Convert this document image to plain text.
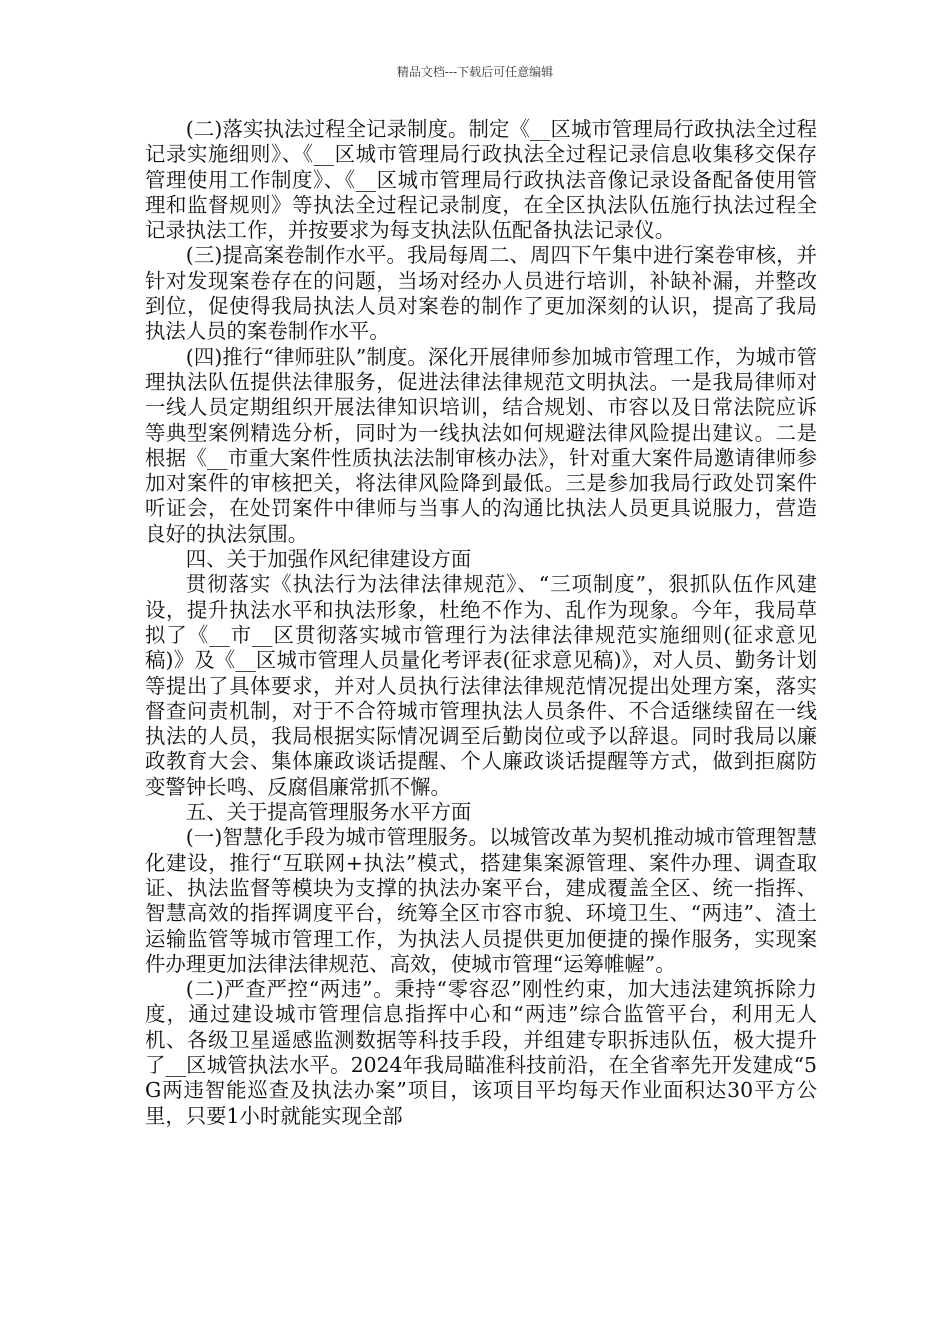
精品文档---下载后可任意编辑

(二)落实执法过程全记录制度。制定《__区城市管理局行政执法全过程记录实施细则》、《__区城市管理局行政执法全过程记录信息收集移交保存管理使用工作制度》、《__区城市管理局行政执法音像记录设备配备使用管理和监督规则》等执法全过程记录制度，在全区执法队伍施行执法过程全记录执法工作，并按要求为每支执法队伍配备执法记录仪。

(三)提高案卷制作水平。我局每周二、周四下午集中进行案卷审核，并针对发现案卷存在的问题，当场对经办人员进行培训，补缺补漏，并整改到位，促使得我局执法人员对案卷的制作了更加深刻的认识，提高了我局执法人员的案卷制作水平。

(四)推行“律师驻队”制度。深化开展律师参加城市管理工作，为城市管理执法队伍提供法律服务，促进法律法律规范文明执法。一是我局律师对一线人员定期组织开展法律知识培训，结合规划、市容以及日常法院应诉等典型案例精选分析，同时为一线执法如何规避法律风险提出建议。二是根据《__市重大案件性质执法法制审核办法》，针对重大案件局邀请律师参加对案件的审核把关，将法律风险降到最低。三是参加我局行政处罚案件听证会，在处罚案件中律师与当事人的沟通比执法人员更具说服力，营造良好的执法氛围。

四、关于加强作风纪律建设方面

贯彻落实《执法行为法律法律规范》、“三项制度”，狠抓队伍作风建设，提升执法水平和执法形象，杜绝不作为、乱作为现象。今年，我局草拟了《__市__区贯彻落实城市管理行为法律法律规范实施细则(征求意见稿)》及《__区城市管理人员量化考评表(征求意见稿)》，对人员、勤务计划等提出了具体要求，并对人员执行法律法律规范情况提出处理方案，落实督查问责机制，对于不合符城市管理执法人员条件、不合适继续留在一线执法的人员，我局根据实际情况调至后勤岗位或予以辞退。同时我局以廉政教育大会、集体廉政谈话提醒、个人廉政谈话提醒等方式，做到拒腐防变警钟长鸣、反腐倡廉常抓不懈。

五、关于提高管理服务水平方面

(一)智慧化手段为城市管理服务。以城管改革为契机推动城市管理智慧化建设，推行“互联网+执法”模式，搭建集案源管理、案件办理、调查取证、执法监督等模块为支撑的执法办案平台，建成覆盖全区、统一指挥、智慧高效的指挥调度平台，统筹全区市容市貌、环境卫生、“两违”、渣土运输监管等城市管理工作，为执法人员提供更加便捷的操作服务，实现案件办理更加法律法律规范、高效，使城市管理“运筹帷幄”。

(二)严查严控“两违”。秉持“零容忍”刚性约束，加大违法建筑拆除力度，通过建设城市管理信息指挥中心和“两违”综合监管平台，利用无人机、各级卫星遥感监测数据等科技手段，并组建专职拆违队伍，极大提升了__区城管执法水平。2024年我局瞄准科技前沿，在全省率先开发建成“5G两违智能巡查及执法办案”项目，该项目平均每天作业面积达30平方公里，只要1小时就能实现全部
